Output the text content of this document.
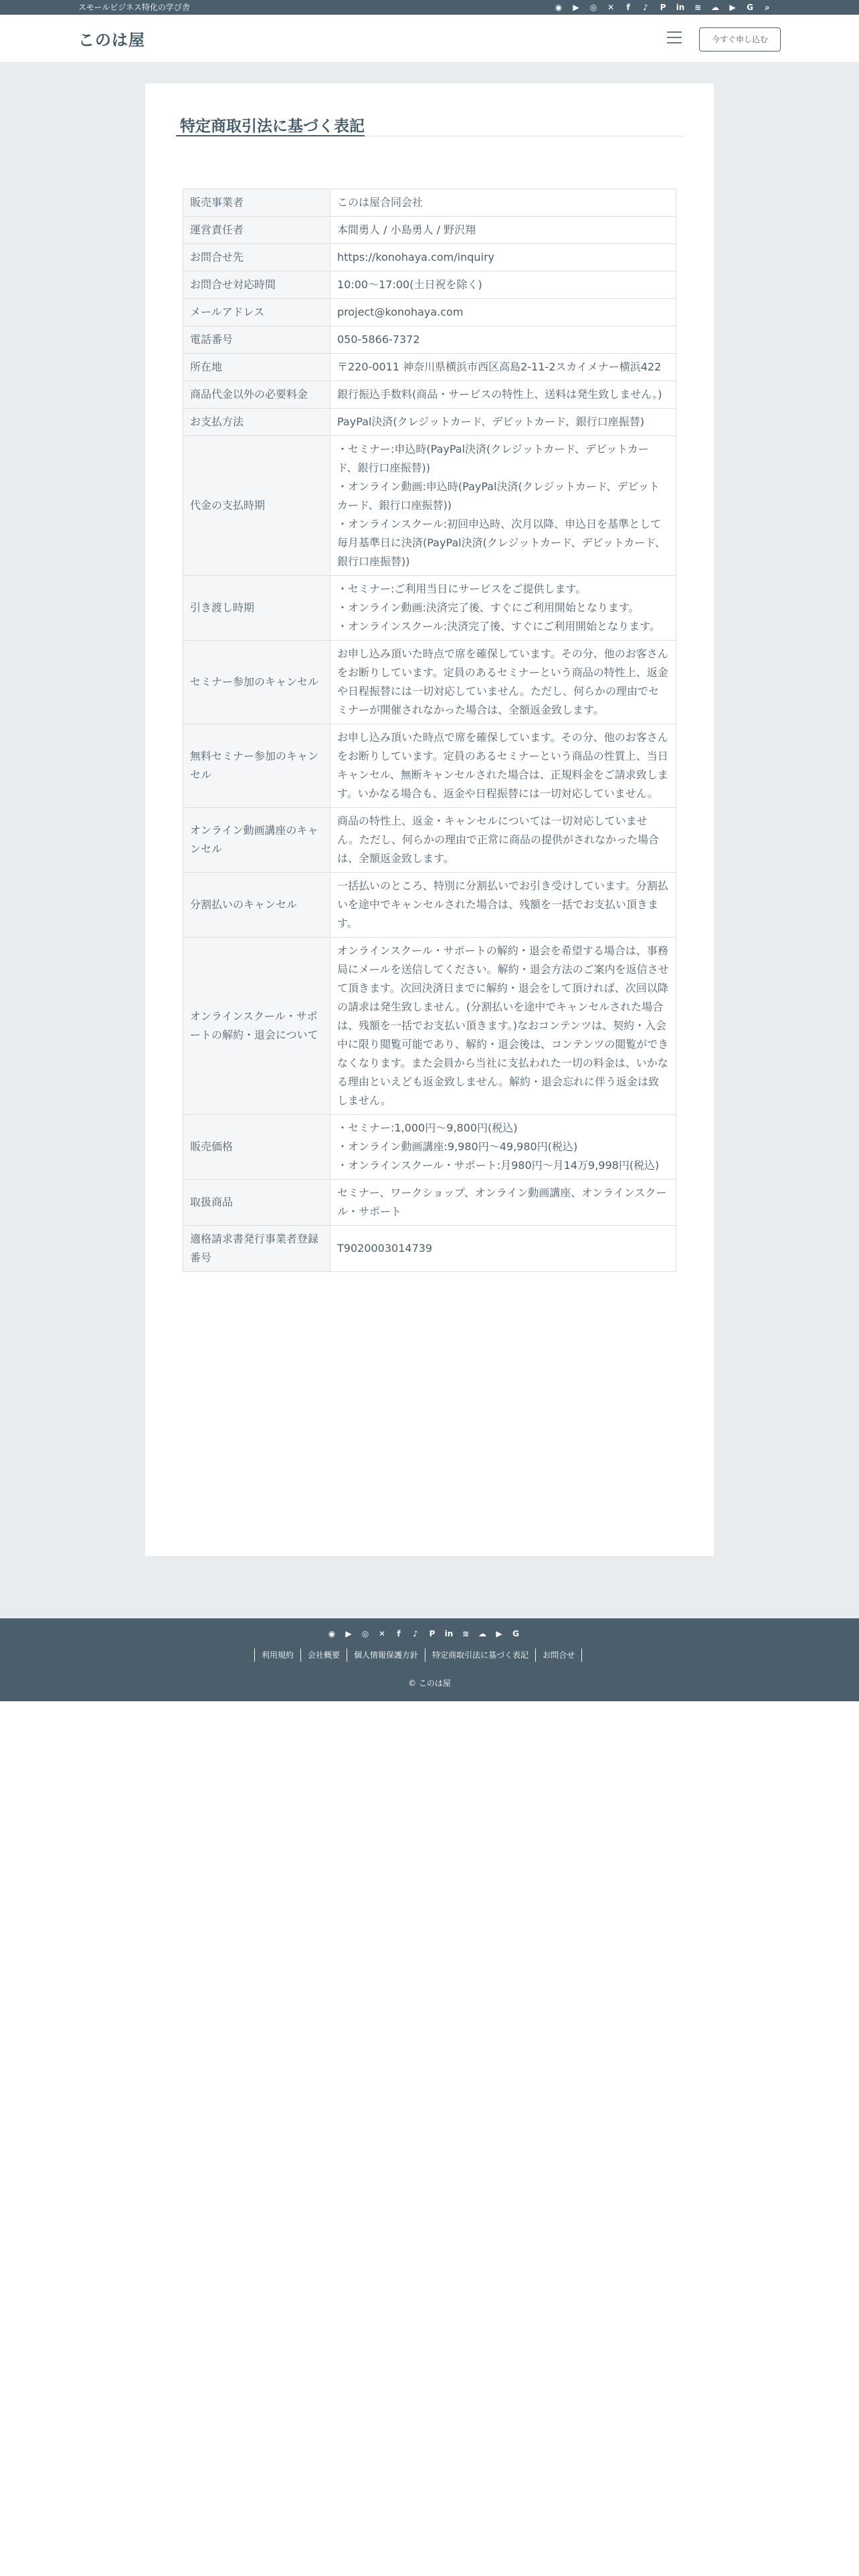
スモールビジネス特化の学び舎	◉	▶	◎	✕	f	♪	P	in	≋	☁	▶	G	⌕
このは屋	今すぐ申し込む
特定商取引法に基づく表記
販売事業者	このは屋合同会社
運営責任者	本間勇人 / 小島勇人 / 野沢翔
お問合せ先	https://konohaya.com/inquiry
お問合せ対応時間	10:00〜17:00(土日祝を除く)
メールアドレス	project@konohaya.com
電話番号	050-5866-7372
所在地	〒220-0011 神奈川県横浜市西区高島2-11-2スカイメナー横浜422
商品代金以外の必要料金	銀行振込手数料(商品・サービスの特性上、送料は発生致しません。)
お支払方法	PayPal決済(クレジットカード、デビットカード、銀行口座振替)
代金の支払時期	・セミナー:申込時(PayPal決済(クレジットカード、デビットカード、銀行口座振替))
・オンライン動画:申込時(PayPal決済(クレジットカード、デビットカード、銀行口座振替))
・オンラインスクール:初回申込時、次月以降、申込日を基準として毎月基準日に決済(PayPal決済(クレジットカード、デビットカード、銀行口座振替))
引き渡し時期	・セミナー:ご利用当日にサービスをご提供します。
・オンライン動画:決済完了後、すぐにご利用開始となります。
・オンラインスクール:決済完了後、すぐにご利用開始となります。
セミナー参加のキャンセル	お申し込み頂いた時点で席を確保しています。その分、他のお客さんをお断りしています。定員のあるセミナーという商品の特性上、返金や日程振替には一切対応していません。ただし、何らかの理由でセミナーが開催されなかった場合は、全額返金致します。
無料セミナー参加のキャンセル	お申し込み頂いた時点で席を確保しています。その分、他のお客さんをお断りしています。定員のあるセミナーという商品の性質上、当日キャンセル、無断キャンセルされた場合は、正規料金をご請求致します。いかなる場合も、返金や日程振替には一切対応していません。
オンライン動画講座のキャンセル	商品の特性上、返金・キャンセルについては一切対応していません。ただし、何らかの理由で正常に商品の提供がされなかった場合は、全額返金致します。
分割払いのキャンセル	一括払いのところ、特別に分割払いでお引き受けしています。分割払いを途中でキャンセルされた場合は、残額を一括でお支払い頂きます。
オンラインスクール・サポートの解約・退会について	オンラインスクール・サポートの解約・退会を希望する場合は、事務局にメールを送信してください。解約・退会方法のご案内を返信させて頂きます。次回決済日までに解約・退会をして頂ければ、次回以降の請求は発生致しません。(分割払いを途中でキャンセルされた場合は、残額を一括でお支払い頂きます。)なおコンテンツは、契約・入会中に限り閲覧可能であり、解約・退会後は、コンテンツの閲覧ができなくなります。また会員から当社に支払われた一切の料金は、いかなる理由といえども返金致しません。解約・退会忘れに伴う返金は致しません。
販売価格	・セミナー:1,000円〜9,800円(税込)
・オンライン動画講座:9,980円〜49,980円(税込)
・オンラインスクール・サポート:月980円〜月14万9,998円(税込)
取扱商品	セミナー、ワークショップ、オンライン動画講座、オンラインスクール・サポート
適格請求書発行事業者登録番号	T9020003014739
◉	▶	◎	✕	f	♪	P	in	≋	☁	▶	G
利用規約	会社概要	個人情報保護方針	特定商取引法に基づく表記	お問合せ
© このは屋
